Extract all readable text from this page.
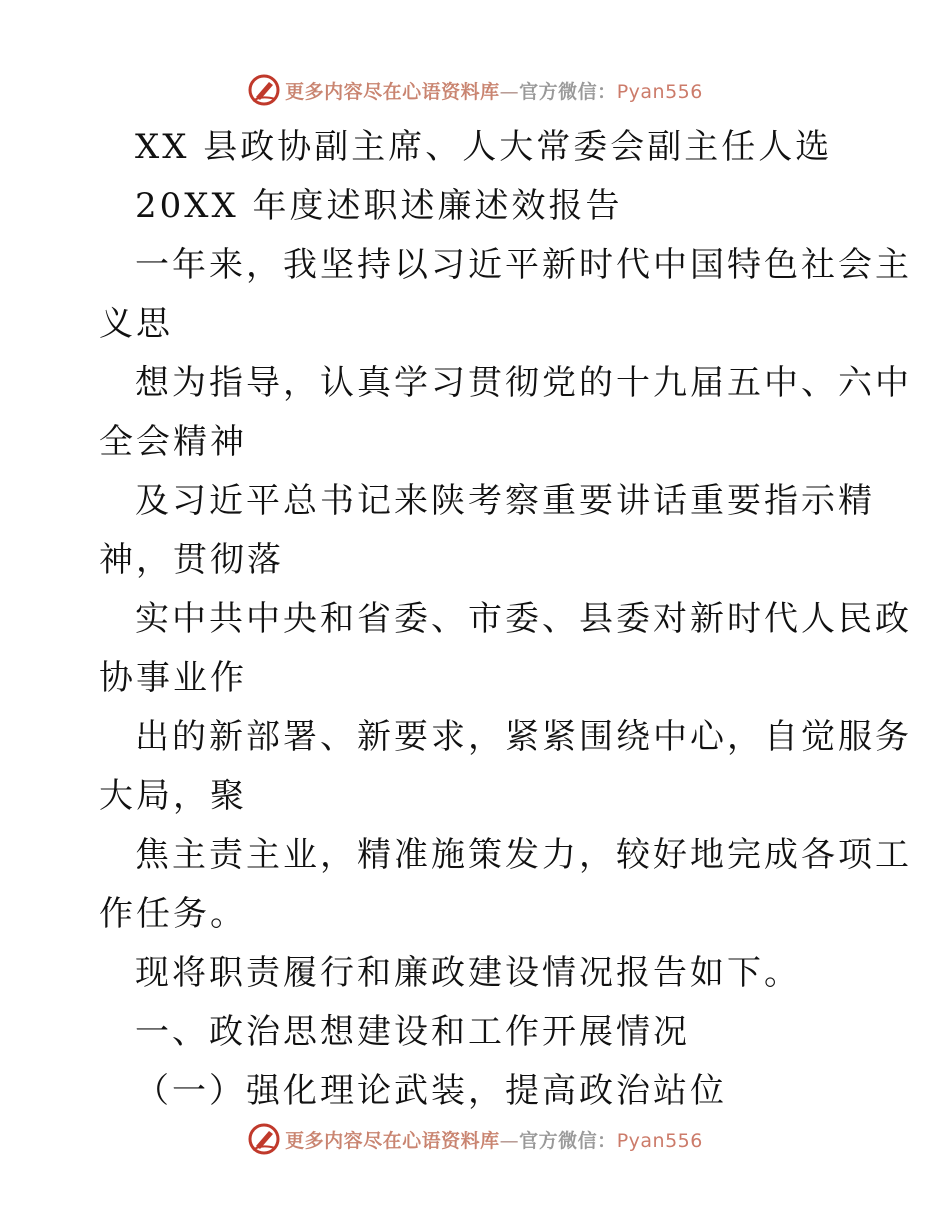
更多内容尽在心语资料库—官方微信：Pyan556
XX 县政协副主席、人大常委会副主任人选
20XX 年度述职述廉述效报告
一年来，我坚持以习近平新时代中国特色社会主
义思
想为指导，认真学习贯彻党的十九届五中、六中
全会精神
及习近平总书记来陕考察重要讲话重要指示精
神，贯彻落
实中共中央和省委、市委、县委对新时代人民政
协事业作
出的新部署、新要求，紧紧围绕中心，自觉服务
大局，聚
焦主责主业，精准施策发力，较好地完成各项工
作任务。
现将职责履行和廉政建设情况报告如下。
一、政治思想建设和工作开展情况
（一）强化理论武装，提高政治站位
更多内容尽在心语资料库—官方微信：Pyan556
